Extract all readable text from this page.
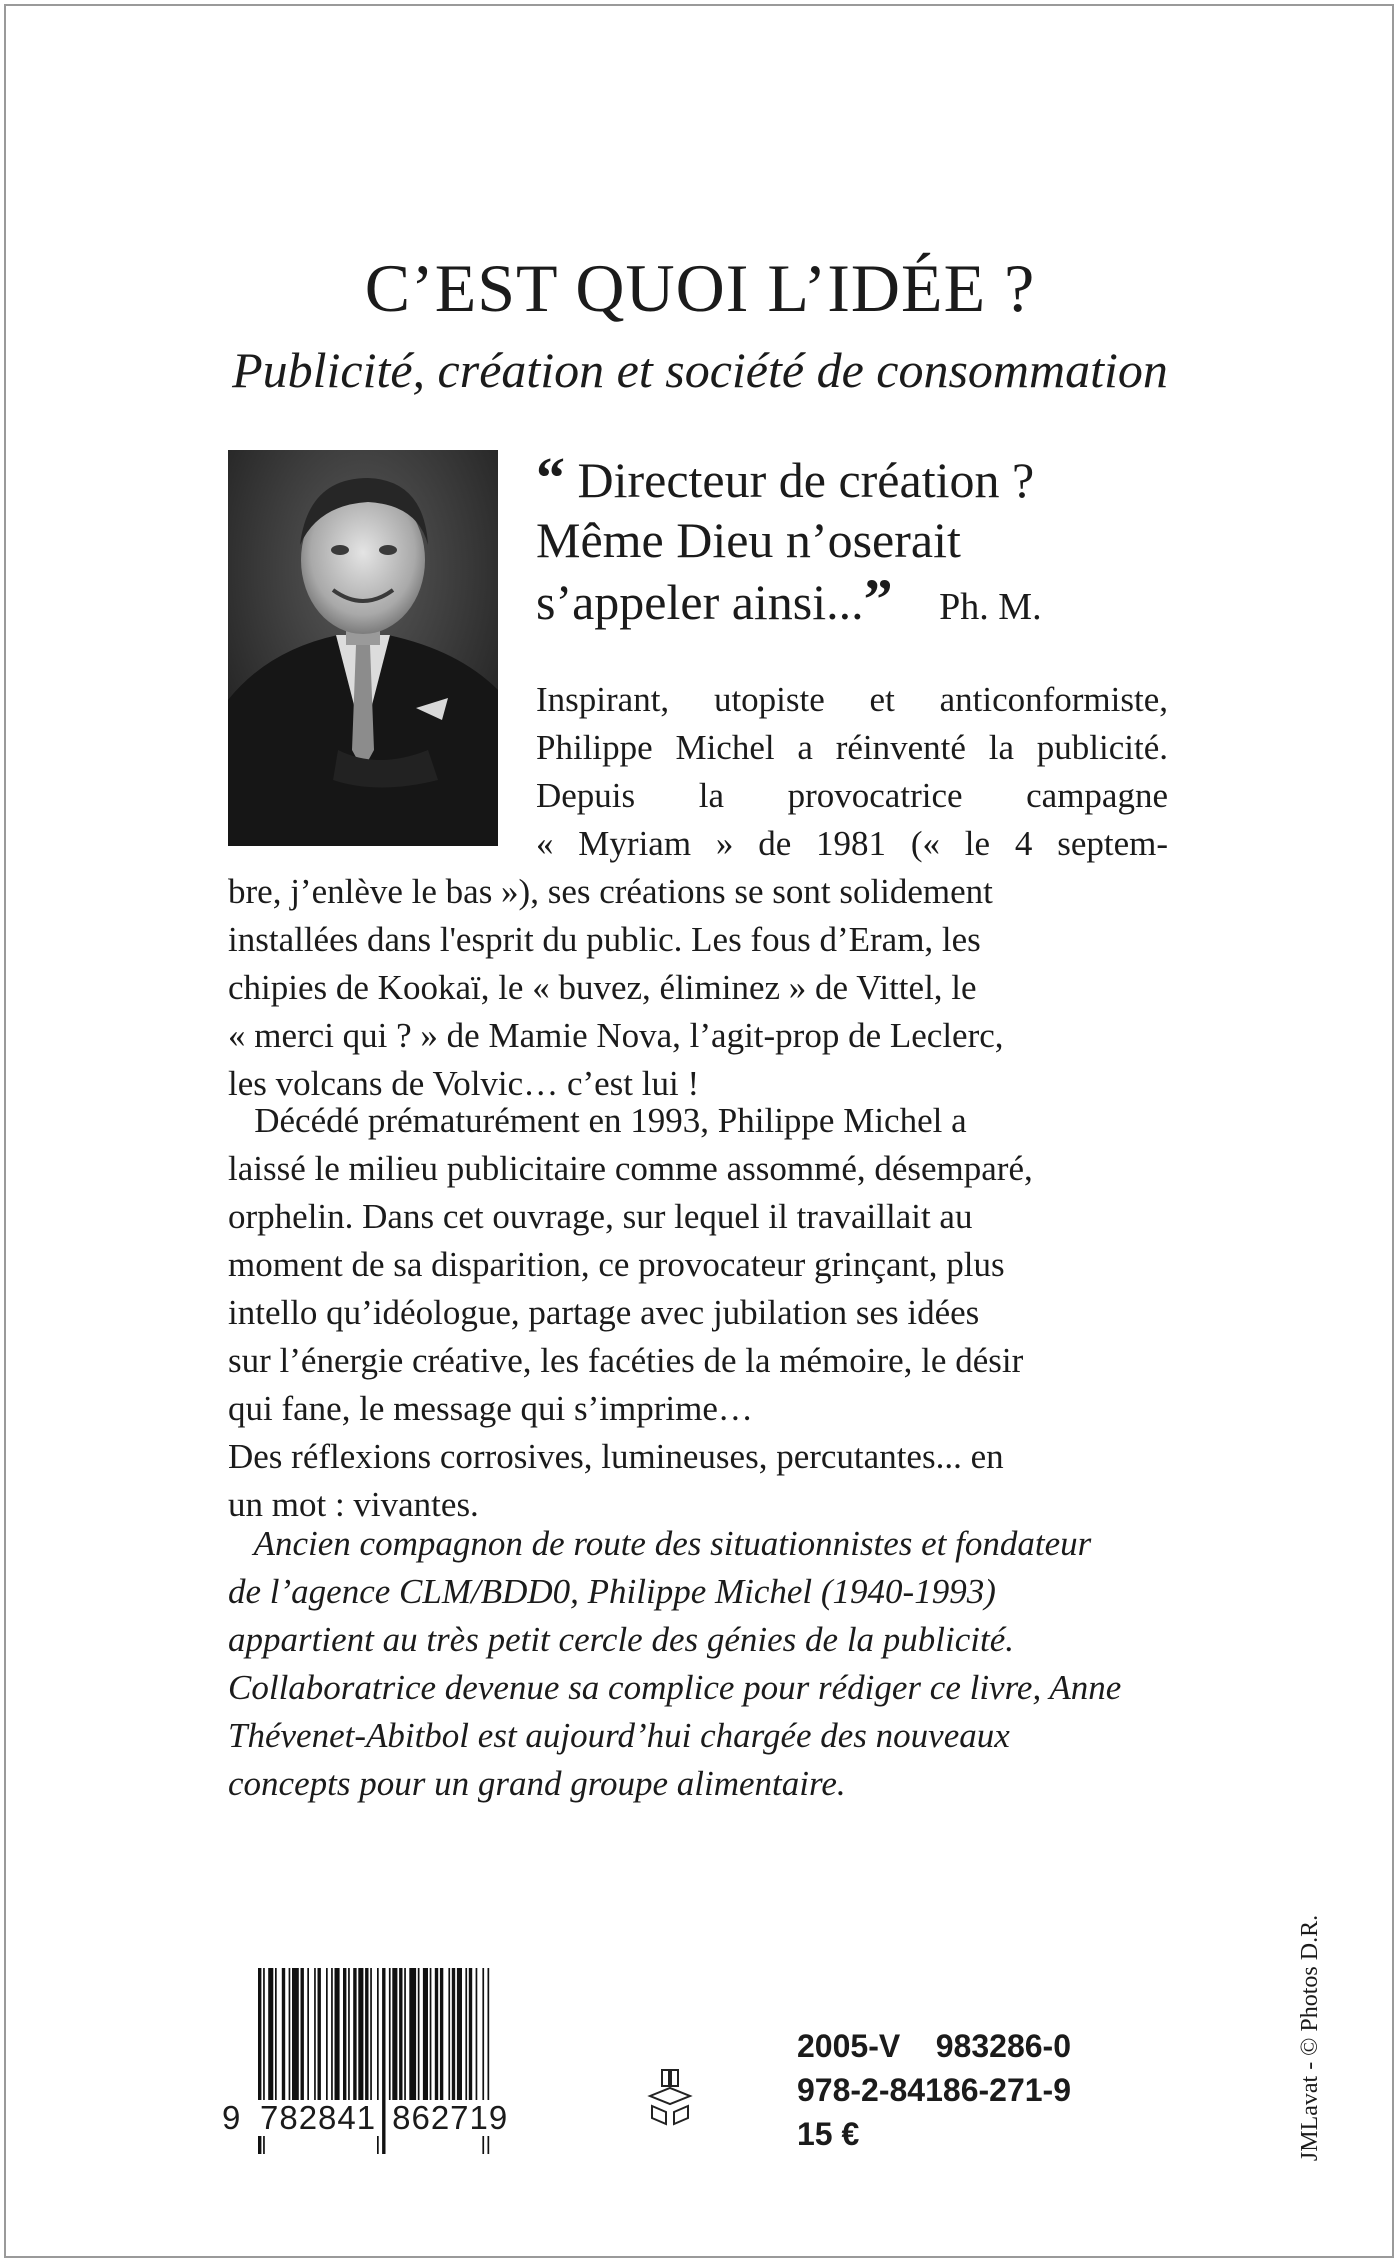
C’EST QUOI L’IDÉE ?
Publicité, création et société de consommation
“ Directeur de création ?
Même Dieu n’oserait
s’appeler ainsi...” Ph. M.
Inspirant, utopiste et anticonformiste,
Philippe Michel a réinventé la publicité.
Depuis la provocatrice campagne
« Myriam » de 1981 (« le 4 septem-
bre, j’enlève le bas »), ses créations se sont solidement
installées dans l'esprit du public. Les fous d’Eram, les
chipies de Kookaï, le « buvez, éliminez » de Vittel, le
« merci qui ? » de Mamie Nova, l’agit-prop de Leclerc,
les volcans de Volvic… c’est lui !
Décédé prématurément en 1993, Philippe Michel a
laissé le milieu publicitaire comme assommé, désemparé,
orphelin. Dans cet ouvrage, sur lequel il travaillait au
moment de sa disparition, ce provocateur grinçant, plus
intello qu’idéologue, partage avec jubilation ses idées
sur l’énergie créative, les facéties de la mémoire, le désir
qui fane, le message qui s’imprime…
Des réflexions corrosives, lumineuses, percutantes... en
un mot : vivantes.
Ancien compagnon de route des situationnistes et fondateur
de l’agence CLM/BDD0, Philippe Michel (1940-1993)
appartient au très petit cercle des génies de la publicité.
Collaboratrice devenue sa complice pour rédiger ce livre, Anne
Thévenet-Abitbol est aujourd’hui chargée des nouveaux
concepts pour un grand groupe alimentaire.
9 782841 862719
2005-V    983286-0
978-2-84186-271-9
15 €	JMLavat - © Photos D.R.
